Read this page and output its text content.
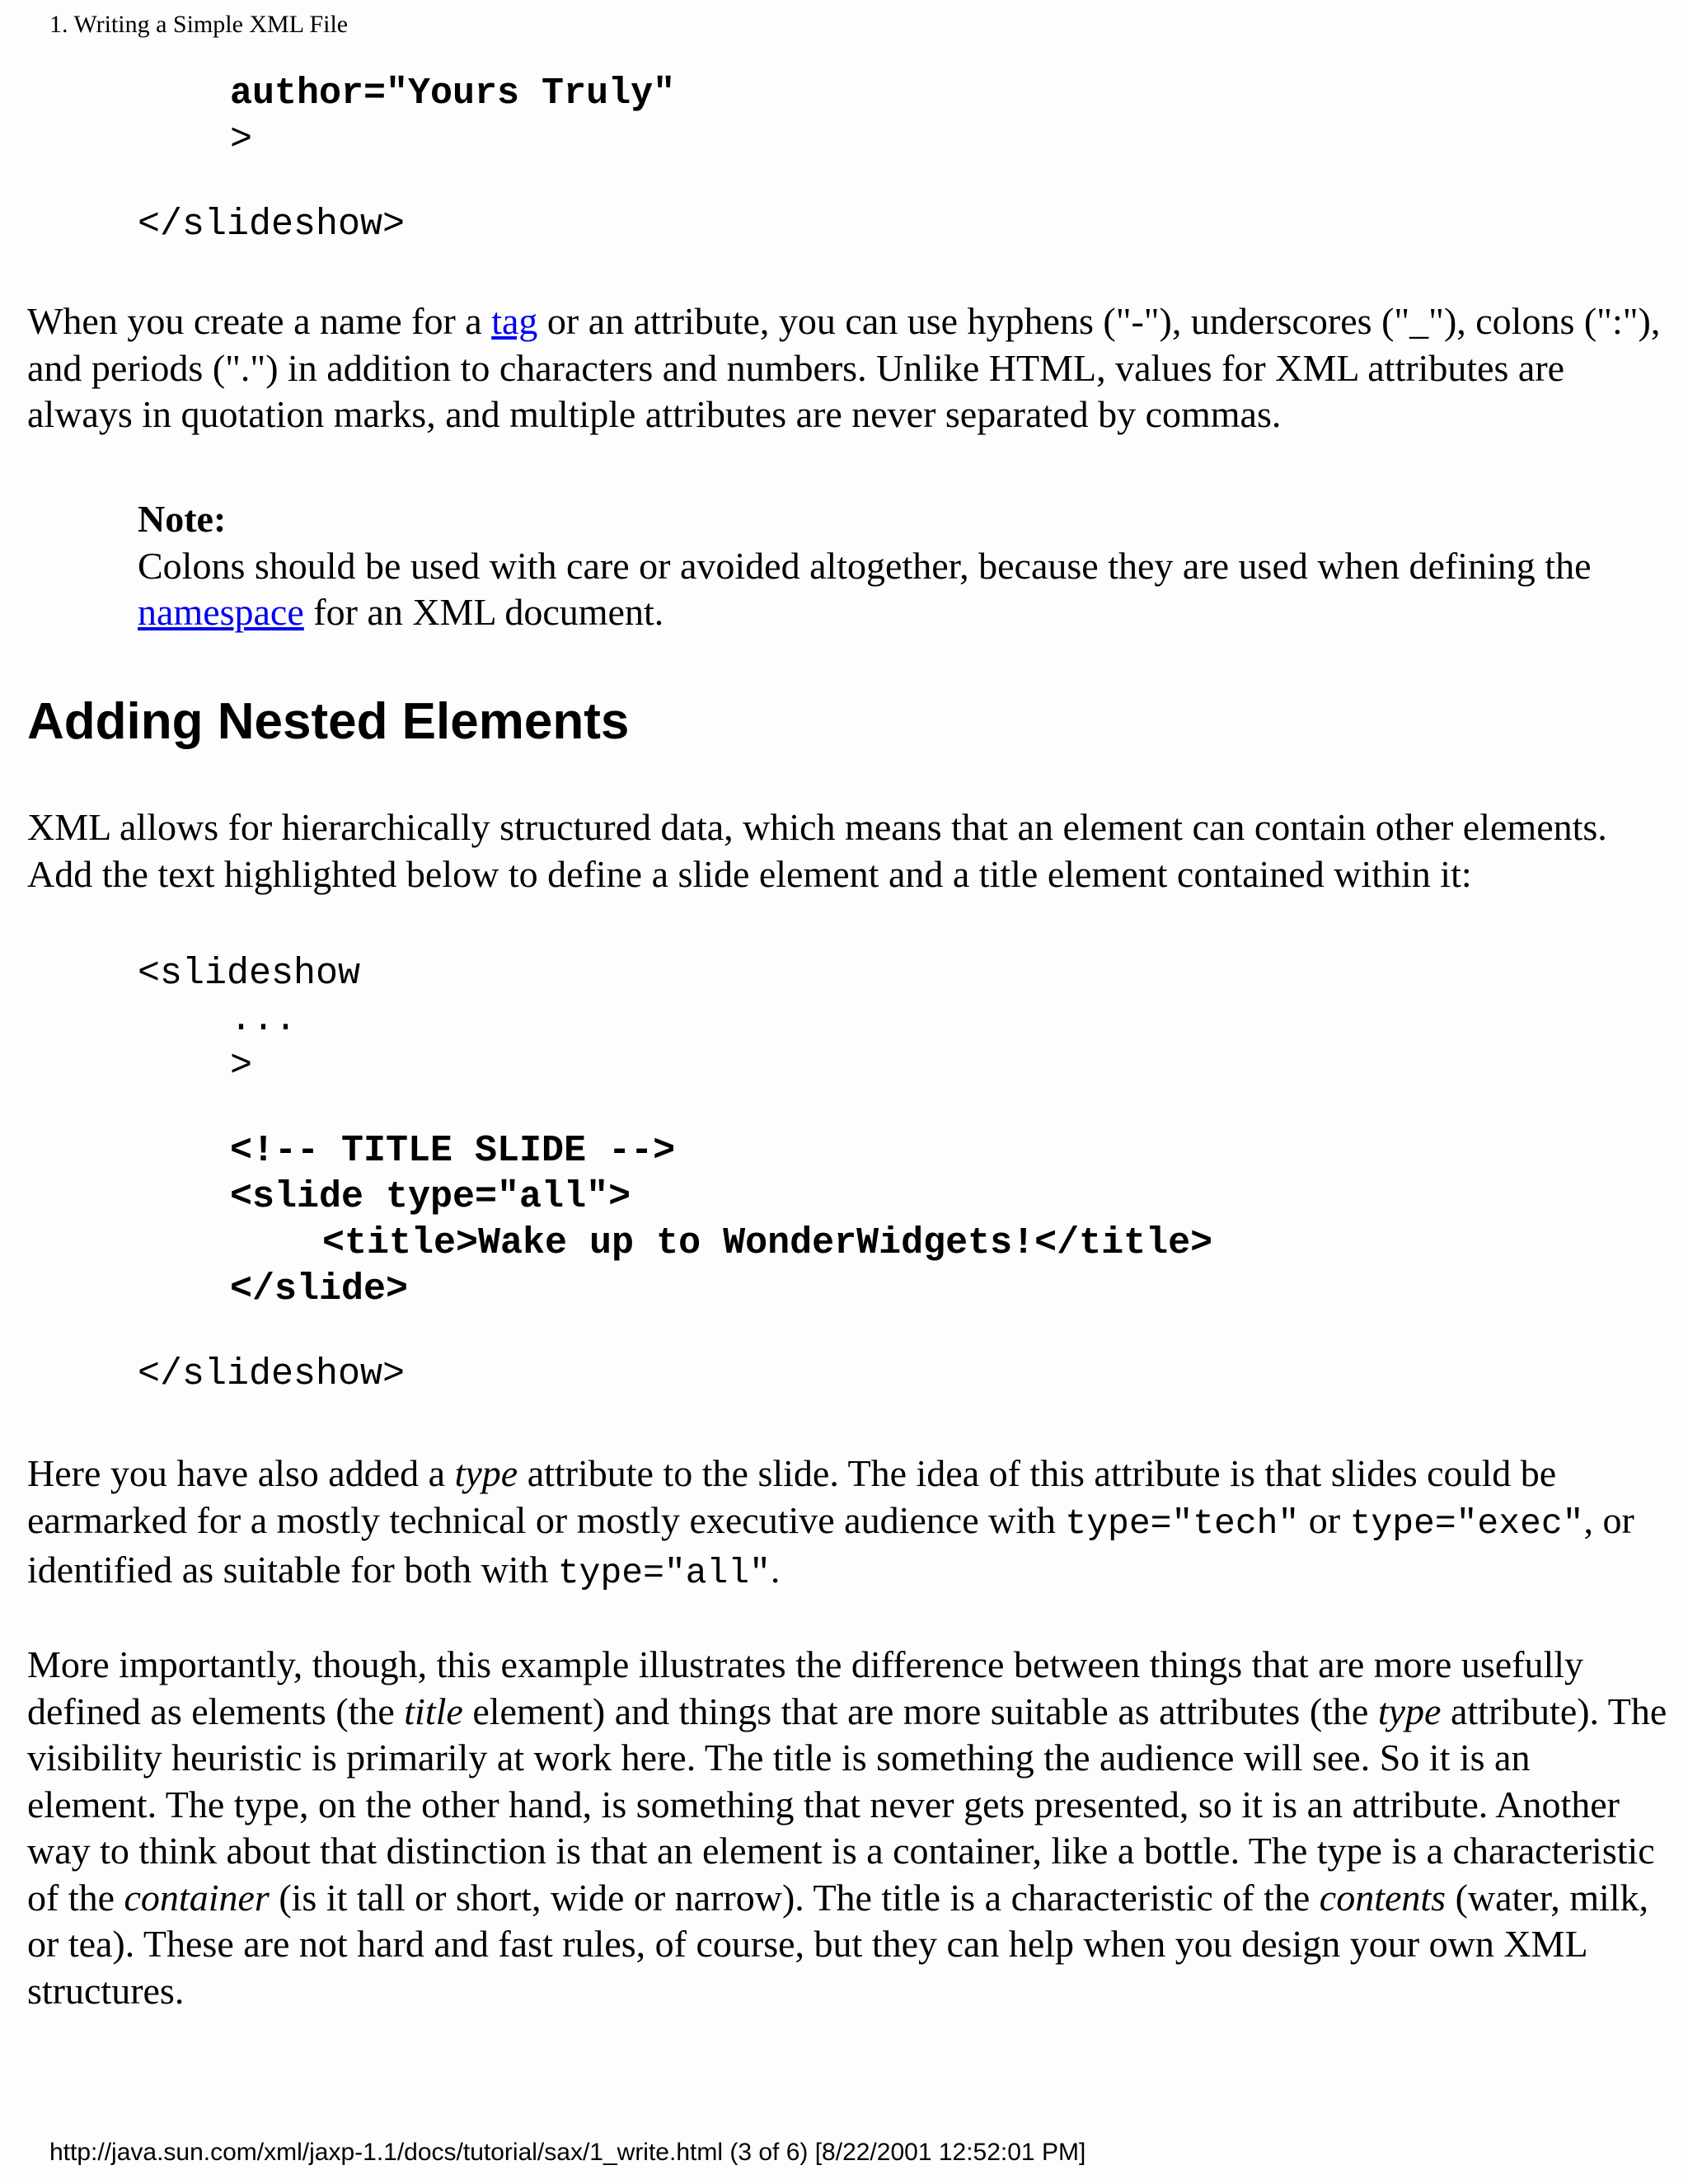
1. Writing a Simple XML File
author="Yours Truly"
>
</slideshow>

When you create a name for a tag or an attribute, you can use hyphens ("-"), underscores ("_"), colons (":"), and periods (".") in addition to characters and numbers. Unlike HTML, values for XML attributes are always in quotation marks, and multiple attributes are never separated by commas.

Note:
Colons should be used with care or avoided altogether, because they are used when defining the namespace for an XML document.
Adding Nested Elements

XML allows for hierarchically structured data, which means that an element can contain other elements. Add the text highlighted below to define a slide element and a title element contained within it:

<slideshow
...
>
<!-- TITLE SLIDE -->
<slide type="all">
<title>Wake up to WonderWidgets!</title>
</slide>
</slideshow>

Here you have also added a type attribute to the slide. The idea of this attribute is that slides could be earmarked for a mostly technical or mostly executive audience with type="tech" or type="exec", or identified as suitable for both with type="all".

More importantly, though, this example illustrates the difference between things that are more usefully defined as elements (the title element) and things that are more suitable as attributes (the type attribute). The visibility heuristic is primarily at work here. The title is something the audience will see. So it is an element. The type, on the other hand, is something that never gets presented, so it is an attribute. Another way to think about that distinction is that an element is a container, like a bottle. The type is a characteristic of the container (is it tall or short, wide or narrow). The title is a characteristic of the contents (water, milk, or tea). These are not hard and fast rules, of course, but they can help when you design your own XML structures.

http://java.sun.com/xml/jaxp-1.1/docs/tutorial/sax/1_write.html (3 of 6) [8/22/2001 12:52:01 PM]
